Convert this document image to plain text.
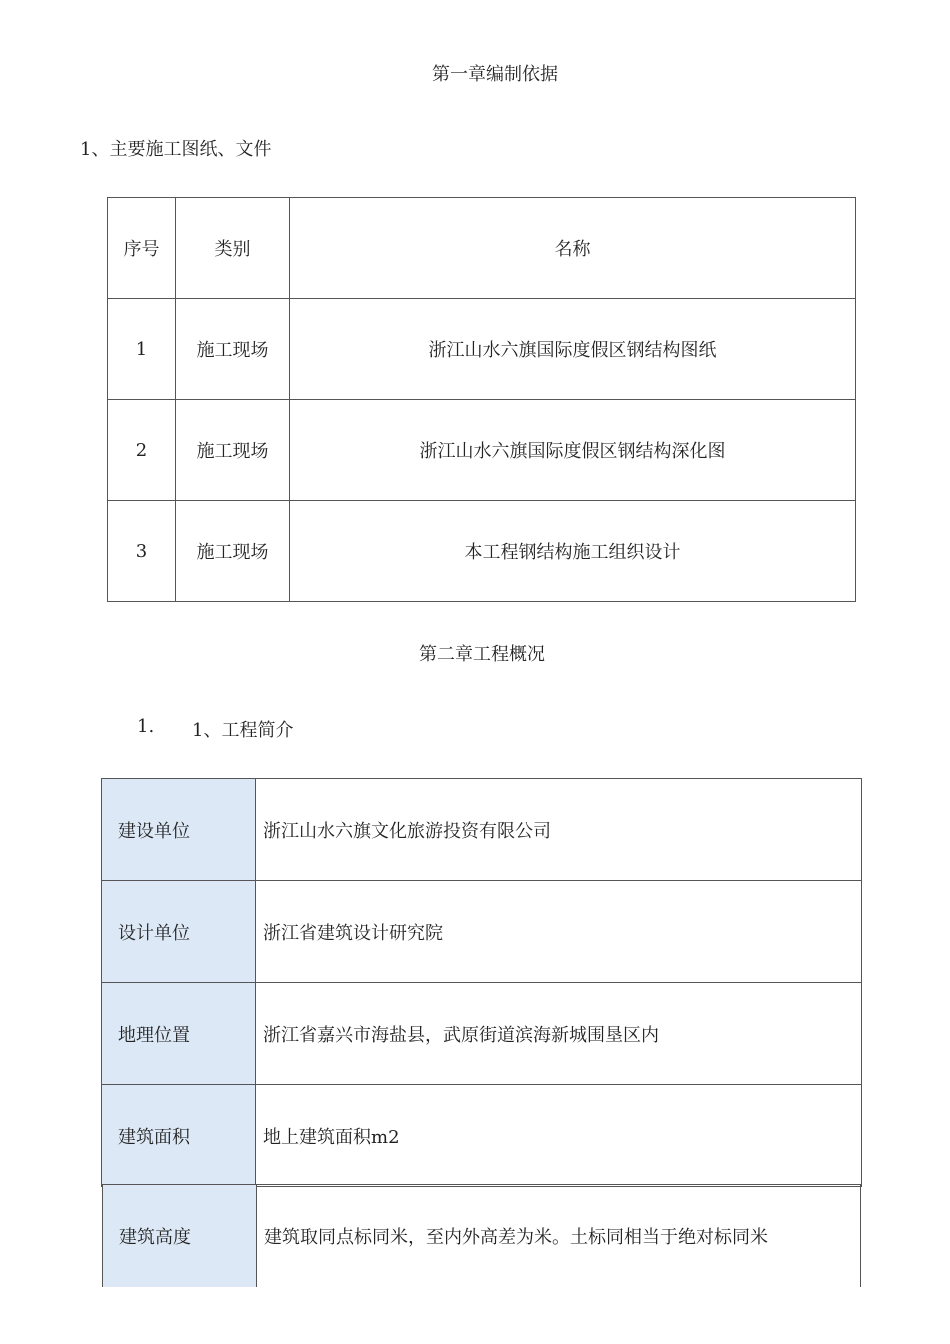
第一章编制依据
1、主要施工图纸、文件
序号	类别	名称
1	施工现场	浙江山水六旗国际度假区钢结构图纸
2	施工现场	浙江山水六旗国际度假区钢结构深化图
3	施工现场	本工程钢结构施工组织设计
第二章工程概况
1. 1、工程简介
建设单位	浙江山水六旗文化旅游投资有限公司
设计单位	浙江省建筑设计研究院
地理位置	浙江省嘉兴市海盐县，武原街道滨海新城围垦区内
建筑面积	地上建筑面积m2
建筑高度	建筑取同点标同米，至内外高差为米。土标同相当于绝对标同米
